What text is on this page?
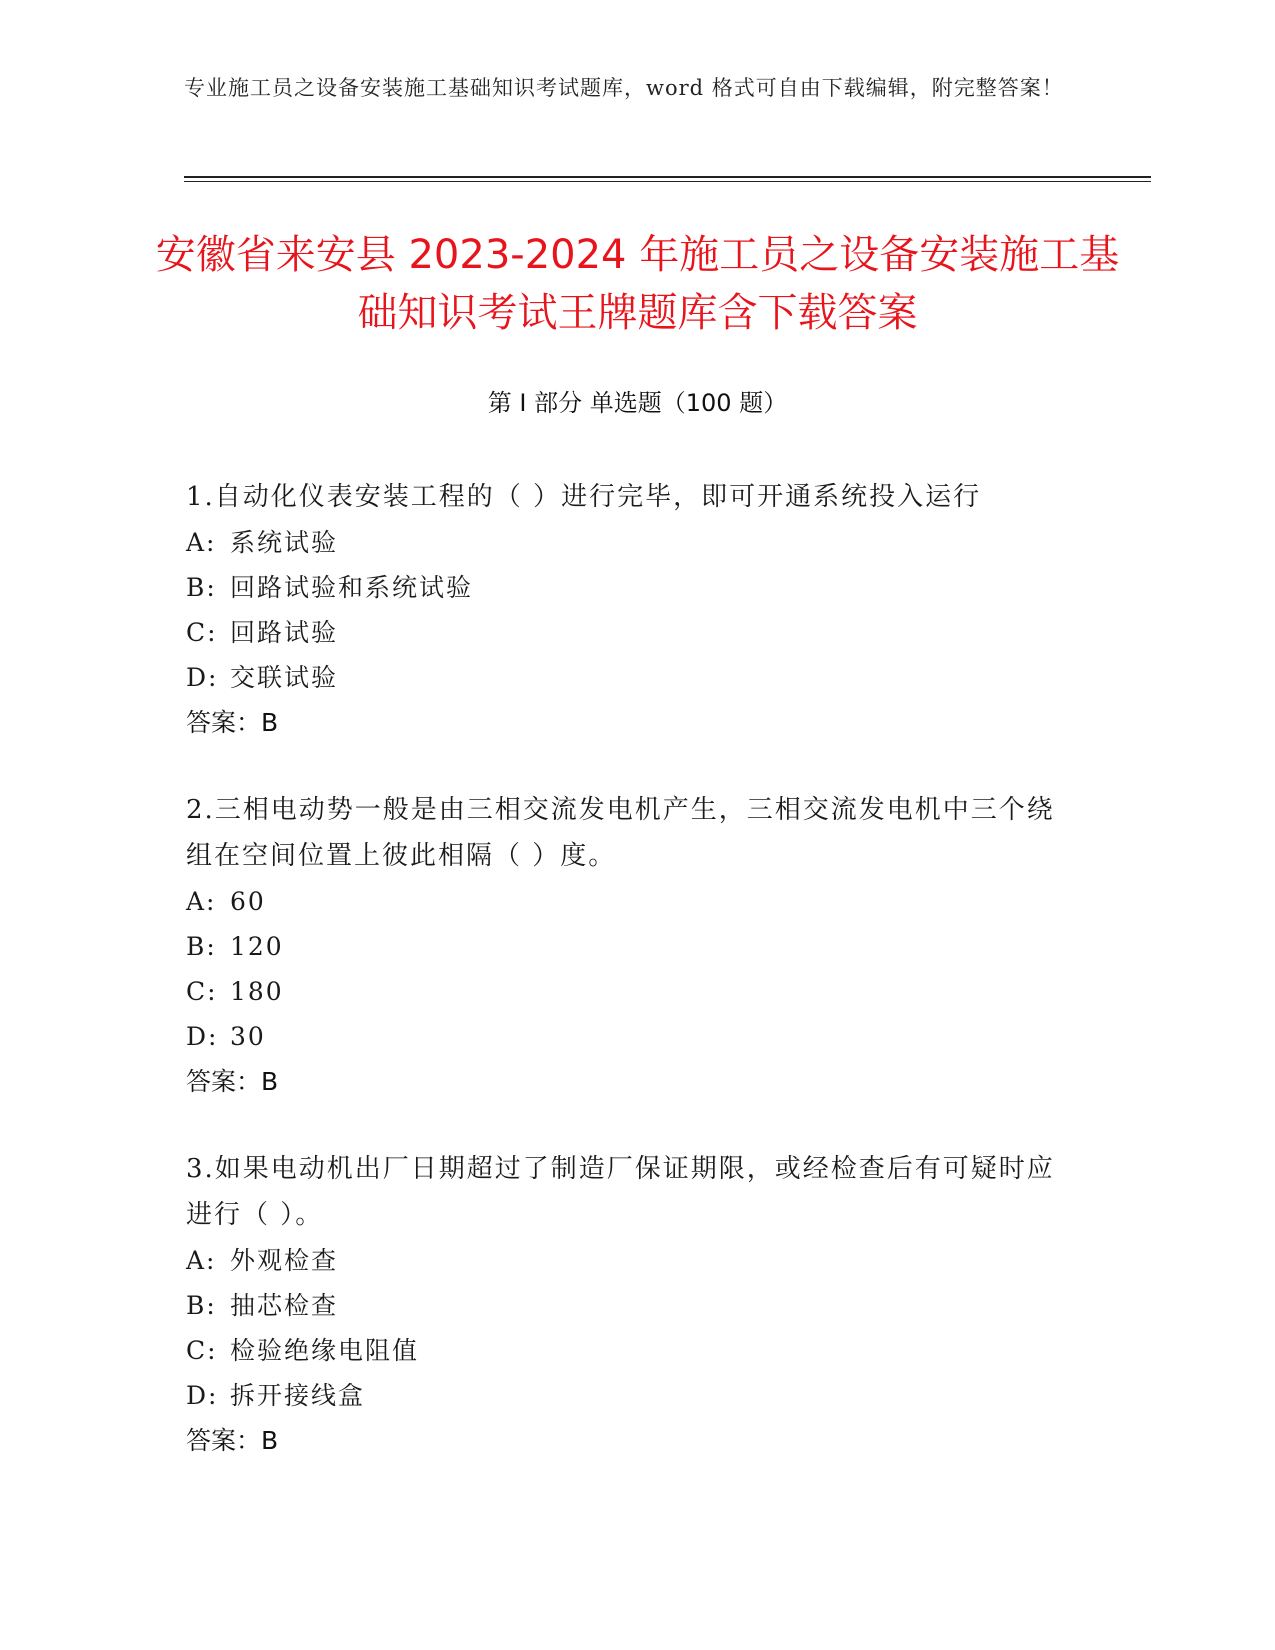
专业施工员之设备安装施工基础知识考试题库，word 格式可自由下载编辑，附完整答案！
安徽省来安县 2023-2024 年施工员之设备安装施工基础知识考试王牌题库含下载答案
第 I 部分 单选题（100 题）
1.自动化仪表安装工程的（ ）进行完毕，即可开通系统投入运行
A: 系统试验
B: 回路试验和系统试验
C: 回路试验
D: 交联试验
答案：B
2.三相电动势一般是由三相交流发电机产生，三相交流发电机中三个绕组在空间位置上彼此相隔（ ）度。
A: 60
B: 120
C: 180
D: 30
答案：B
3.如果电动机出厂日期超过了制造厂保证期限，或经检查后有可疑时应进行（ ）。
A: 外观检查
B: 抽芯检查
C: 检验绝缘电阻值
D: 拆开接线盒
答案：B
